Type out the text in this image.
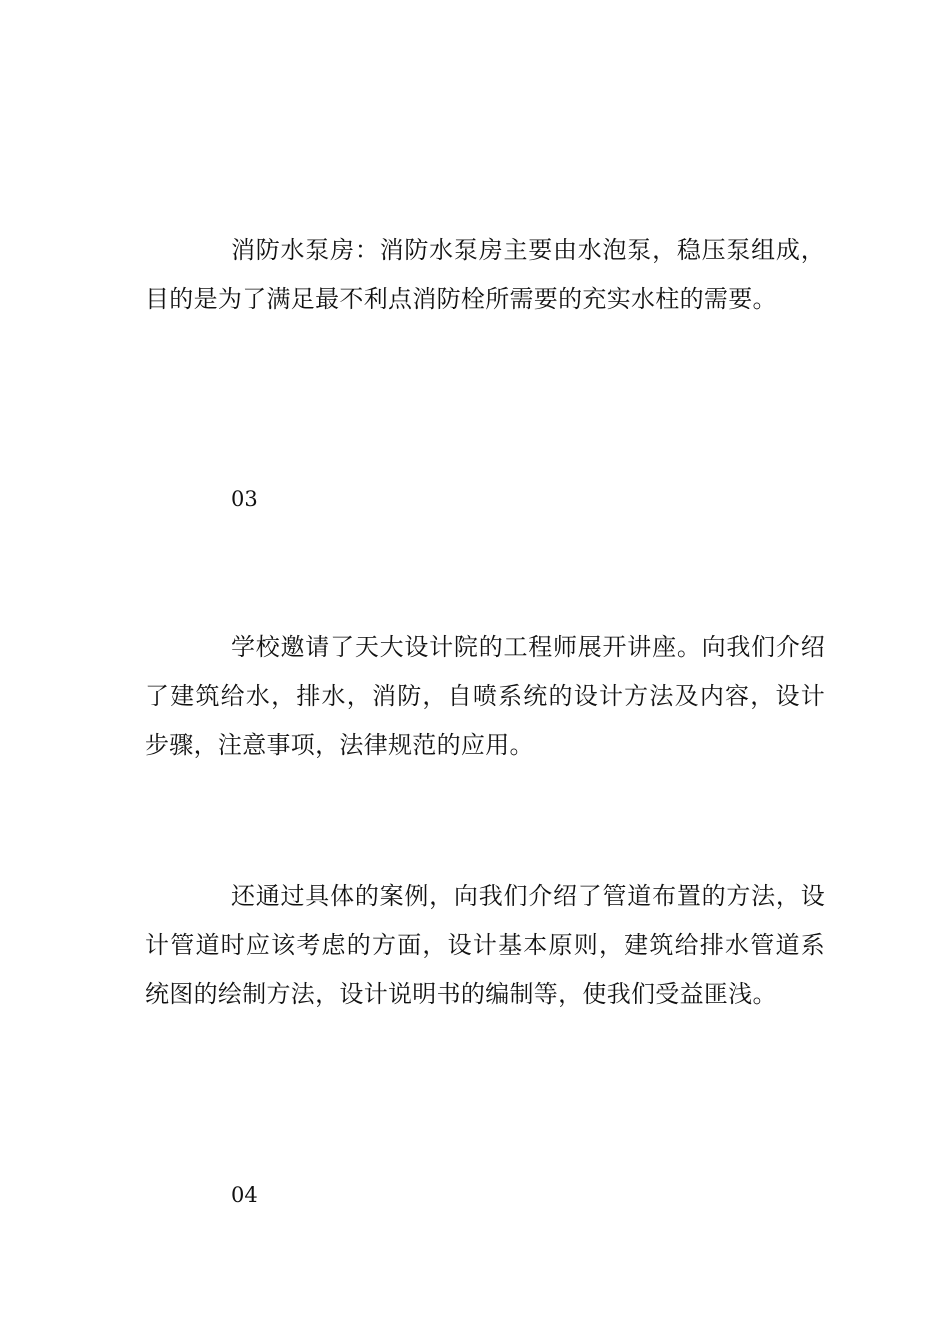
消防水泵房：消防水泵房主要由水泡泵，稳压泵组成，目的是为了满足最不利点消防栓所需要的充实水柱的需要。

03

学校邀请了天大设计院的工程师展开讲座。向我们介绍了建筑给水，排水，消防，自喷系统的设计方法及内容，设计步骤，注意事项，法律规范的应用。

还通过具体的案例，向我们介绍了管道布置的方法，设计管道时应该考虑的方面，设计基本原则，建筑给排水管道系统图的绘制方法，设计说明书的编制等，使我们受益匪浅。

04
